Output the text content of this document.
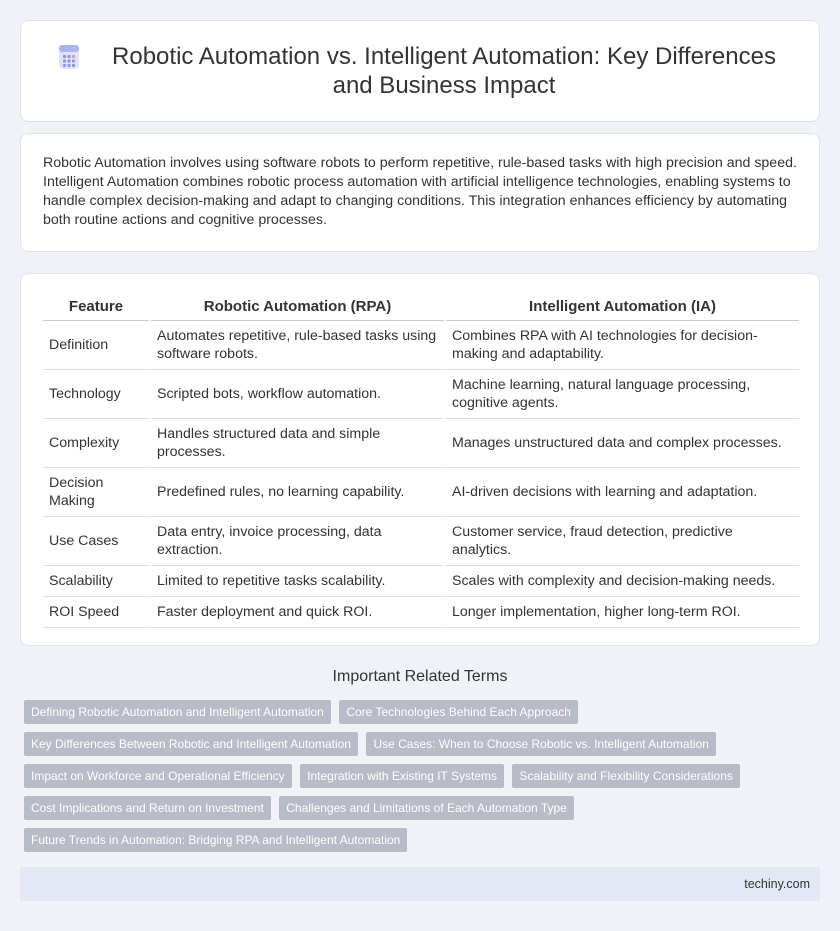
Robotic Automation vs. Intelligent Automation: Key Differences and Business Impact

Robotic Automation involves using software robots to perform repetitive, rule-based tasks with high precision and speed. Intelligent Automation combines robotic process automation with artificial intelligence technologies, enabling systems to handle complex decision-making and adapt to changing conditions. This integration enhances efficiency by automating both routine actions and cognitive processes.

Feature	Robotic Automation (RPA)	Intelligent Automation (IA)
Definition	Automates repetitive, rule-based tasks using software robots.	Combines RPA with AI technologies for decision-making and adaptability.
Technology	Scripted bots, workflow automation.	Machine learning, natural language processing, cognitive agents.
Complexity	Handles structured data and simple processes.	Manages unstructured data and complex processes.
Decision Making	Predefined rules, no learning capability.	AI-driven decisions with learning and adaptation.
Use Cases	Data entry, invoice processing, data extraction.	Customer service, fraud detection, predictive analytics.
Scalability	Limited to repetitive tasks scalability.	Scales with complexity and decision-making needs.
ROI Speed	Faster deployment and quick ROI.	Longer implementation, higher long-term ROI.
Important Related Terms
Defining Robotic Automation and Intelligent Automation Core Technologies Behind Each Approach
Key Differences Between Robotic and Intelligent Automation Use Cases: When to Choose Robotic vs. Intelligent Automation
Impact on Workforce and Operational Efficiency Integration with Existing IT Systems Scalability and Flexibility Considerations
Cost Implications and Return on Investment Challenges and Limitations of Each Automation Type
Future Trends in Automation: Bridging RPA and Intelligent Automation
techiny.com
